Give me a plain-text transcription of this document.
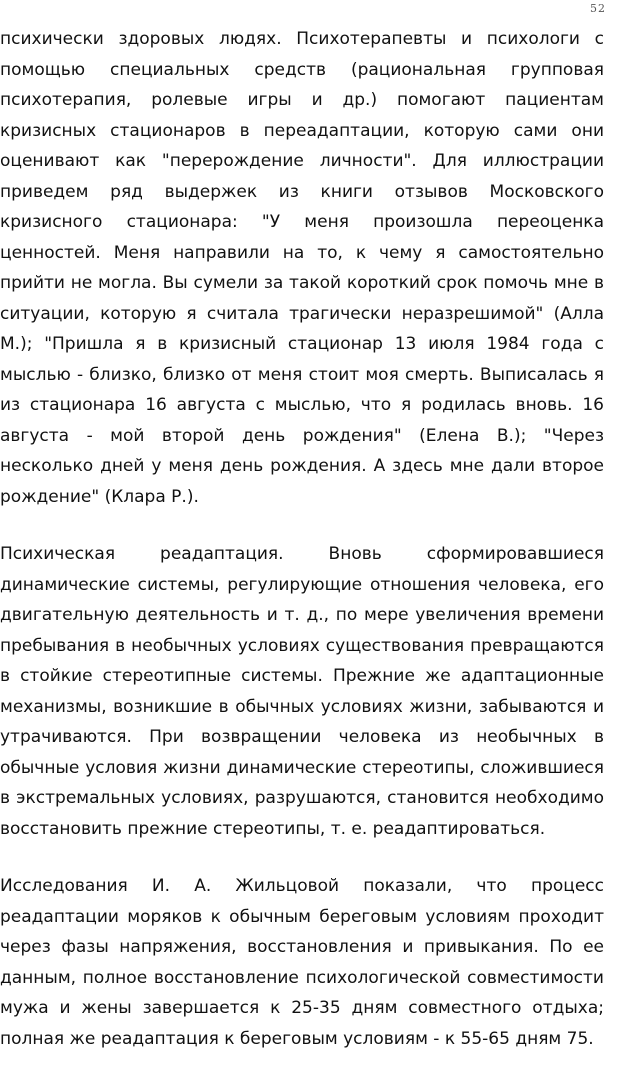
52

психически здоровых людях. Психотерапевты и психологи с помощью специальных средств (рациональная групповая психотерапия, ролевые игры и др.) помогают пациентам кризисных стационаров в переадаптации, которую сами они оценивают как "перерождение личности". Для иллюстрации приведем ряд выдержек из книги отзывов Московского кризисного стационара: "У меня произошла переоценка ценностей. Меня направили на то, к чему я самостоятельно прийти не могла. Вы сумели за такой короткий срок помочь мне в ситуации, которую я считала трагически неразрешимой" (Алла М.); "Пришла я в кризисный стационар 13 июля 1984 года с мыслью - близко, близко от меня стоит моя смерть. Выписалась я из стационара 16 августа с мыслью, что я родилась вновь. 16 августа - мой второй день рождения" (Елена В.); "Через несколько дней у меня день рождения. А здесь мне дали второе рождение" (Клара Р.).

Психическая реадаптация. Вновь сформировавшиеся динамические системы, регулирующие отношения человека, его двигательную деятельность и т. д., по мере увеличения времени пребывания в необычных условиях существования превращаются в стойкие стереотипные системы. Прежние же адаптационные механизмы, возникшие в обычных условиях жизни, забываются и утрачиваются. При возвращении человека из необычных в обычные условия жизни динамические стереотипы, сложившиеся в экстремальных условиях, разрушаются, становится необходимо восстановить прежние стереотипы, т. е. реадаптироваться.

Исследования И. А. Жильцовой показали, что процесс реадаптации моряков к обычным береговым условиям проходит через фазы напряжения, восстановления и привыкания. По ее данным, полное восстановление психологической совместимости мужа и жены завершается к 25-35 дням совместного отдыха; полная же реадаптация к береговым условиям - к 55-65 дням 75.
